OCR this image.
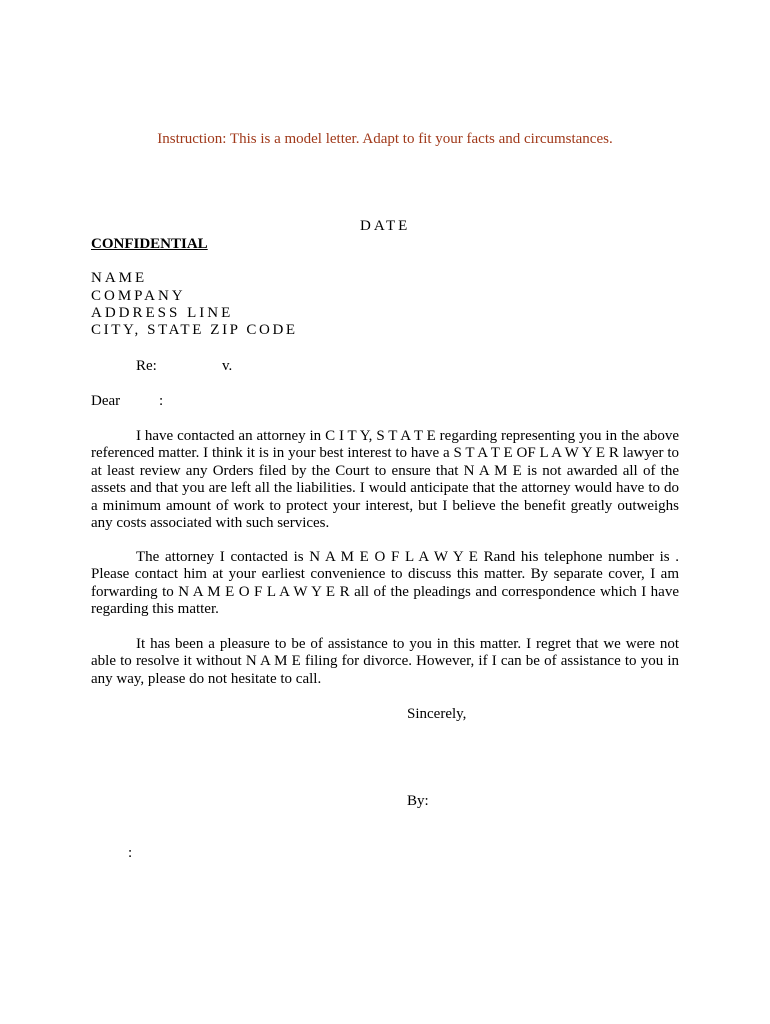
Instruction: This is a model letter. Adapt to fit your facts and circumstances.
DATE
CONFIDENTIAL
NAME
COMPANY
ADDRESS LINE
CITY, STATE ZIP CODE
Re:	v.
Dear	:
I have contacted an attorney in C I T Y, S T A T E regarding representing you in the above referenced matter. I think it is in your best interest to have a S T A T E OF L A W Y E R lawyer to at least review any Orders filed by the Court to ensure that N A M E is not awarded all of the assets and that you are left all the liabilities. I would anticipate that the attorney would have to do a minimum amount of work to protect your interest, but I believe the benefit greatly outweighs any costs associated with such services.
The attorney I contacted is N A M E O F L A W Y E Rand his telephone number is . Please contact him at your earliest convenience to discuss this matter. By separate cover, I am forwarding to N A M E O F L A W Y E R all of the pleadings and correspondence which I have regarding this matter.
It has been a pleasure to be of assistance to you in this matter. I regret that we were not able to resolve it without N A M E filing for divorce. However, if I can be of assistance to you in any way, please do not hesitate to call.
Sincerely,
By:
:
